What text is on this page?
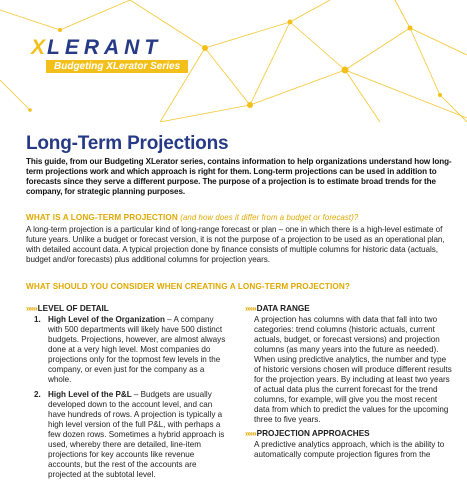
XLERANT
Budgeting XLerator Series
Long-Term Projections
This guide, from our Budgeting XLerator series, contains information to help organizations understand how long-term projections work and which approach is right for them. Long-term projections can be used in addition to forecasts since they serve a different purpose. The purpose of a projection is to estimate broad trends for the company, for strategic planning purposes.
WHAT IS A LONG-TERM PROJECTION (and how does it differ from a budget or forecast)?
A long-term projection is a particular kind of long-range forecast or plan – one in which there is a high-level estimate of future years. Unlike a budget or forecast version, it is not the purpose of a projection to be used as an operational plan, with detailed account data. A typical projection done by finance consists of multiple columns for historic data (actuals, budget and/or forecasts) plus additional columns for projection years.
WHAT SHOULD YOU CONSIDER WHEN CREATING A LONG-TERM PROJECTION?
»»»LEVEL OF DETAIL
1. High Level of the Organization – A company with 500 departments will likely have 500 distinct budgets. Projections, however, are almost always done at a very high level. Most companies do projections only for the topmost few levels in the company, or even just for the company as a whole.
2. High Level of the P&L – Budgets are usually developed down to the account level, and can have hundreds of rows. A projection is typically a high level version of the full P&L, with perhaps a few dozen rows. Sometimes a hybrid approach is used, whereby there are detailed, line-item projections for key accounts like revenue accounts, but the rest of the accounts are projected at the subtotal level.
»»»DATA RANGE
A projection has columns with data that fall into two categories: trend columns (historic actuals, current actuals, budget, or forecast versions) and projection columns (as many years into the future as needed). When using predictive analytics, the number and type of historic versions chosen will produce different results for the projection years. By including at least two years of actual data plus the current forecast for the trend columns, for example, will give you the most recent data from which to predict the values for the upcoming three to five years.
»»»PROJECTION APPROACHES
A predictive analytics approach, which is the ability to automatically compute projection figures from the
